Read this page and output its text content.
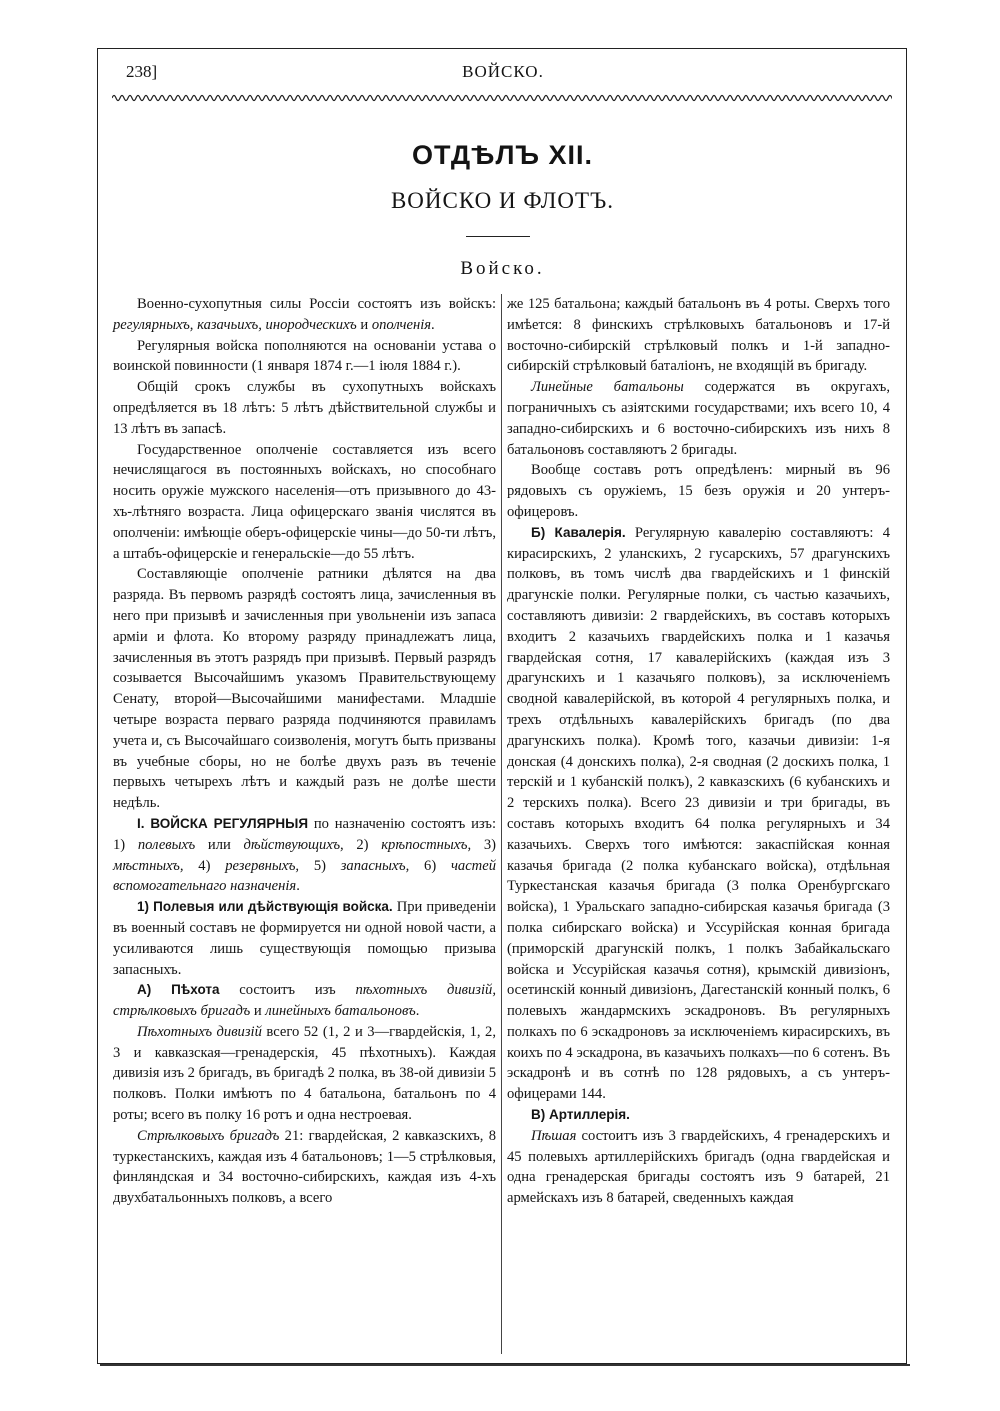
238]	ВОЙСКО.
ОТДѢЛЪ XII.
ВОЙСКО И ФЛОТЪ.
Войско.

Военно-сухопутныя силы Россіи состоятъ изъ войскъ: регулярныхъ, казачьихъ, инородческихъ и ополченія.

Регулярныя войска пополняются на основаніи устава о воинской повинности (1 января 1874 г.—1 іюля 1884 г.).

Общій срокъ службы въ сухопутныхъ войскахъ опредѣляется въ 18 лѣтъ: 5 лѣтъ дѣйствительной службы и 13 лѣтъ въ запасѣ.

Государственное ополченіе составляется изъ всего нечислящагося въ постоянныхъ войскахъ, но способнаго носить оружіе мужского населенія—отъ призывного до 43-хъ-лѣтняго возраста. Лица офицерскаго званія числятся въ ополченіи: имѣющіе оберъ-офицерскіе чины—до 50-ти лѣтъ, а штабъ-офицерскіе и генеральскіе—до 55 лѣтъ.

Составляющіе ополченіе ратники дѣлятся на два разряда. Въ первомъ разрядѣ состоятъ лица, зачисленныя въ него при призывѣ и зачисленныя при увольненіи изъ запаса арміи и флота. Ко второму разряду принадлежатъ лица, зачисленныя въ этотъ разрядъ при призывѣ. Первый разрядъ созывается Высочайшимъ указомъ Правительствующему Сенату, второй—Высочайшими манифестами. Младшіе четыре возраста перваго разряда подчиняются правиламъ учета и, съ Высочайшаго соизволенія, могутъ быть призваны въ учебные сборы, но не болѣе двухъ разъ въ теченіе первыхъ четырехъ лѣтъ и каждый разъ не долѣе шести недѣль.

I. ВОЙСКА РЕГУЛЯРНЫЯ по назначенію состоятъ изъ: 1) полевыхъ или дѣйствующихъ, 2) крѣпостныхъ, 3) мѣстныхъ, 4) резервныхъ, 5) запасныхъ, 6) частей вспомогательнаго назначенія.

1) Полевыя или дѣйствующія войска. При приведеніи въ военный составъ не формируется ни одной новой части, а усиливаются лишь существующія помощью призыва запасныхъ.

А) Пѣхота состоитъ изъ пѣхотныхъ дивизій, стрѣлковыхъ бригадъ и линейныхъ батальоновъ.

Пѣхотныхъ дивизій всего 52 (1, 2 и 3—гвардейскія, 1, 2, 3 и кавказская—гренадерскія, 45 пѣхотныхъ). Каждая дивизія изъ 2 бригадъ, въ бригадѣ 2 полка, въ 38-ой дивизіи 5 полковъ. Полки имѣютъ по 4 батальона, батальонъ по 4 роты; всего въ полку 16 ротъ и одна нестроевая.

Стрѣлковыхъ бригадъ 21: гвардейская, 2 кавказскихъ, 8 туркестанскихъ, каждая изъ 4 батальоновъ; 1—5 стрѣлковыя, финляндская и 34 восточно-сибирскихъ, каждая изъ 4-хъ двухбатальонныхъ полковъ, а всего

же 125 батальона; каждый батальонъ въ 4 роты. Сверхъ того имѣется: 8 финскихъ стрѣлковыхъ батальоновъ и 17-й восточно-сибирскій стрѣлковый полкъ и 1-й западно-сибирскій стрѣлковый баталіонъ, не входящій въ бригаду.

Линейные батальоны содержатся въ округахъ, пограничныхъ съ азіятскими государствами; ихъ всего 10, 4 западно-сибирскихъ и 6 восточно-сибирскихъ изъ нихъ 8 батальоновъ составляютъ 2 бригады.

Вообще составъ ротъ опредѣленъ: мирный въ 96 рядовыхъ съ оружіемъ, 15 безъ оружія и 20 унтеръ-офицеровъ.

Б) Кавалерія. Регулярную кавалерію составляютъ: 4 кирасирскихъ, 2 уланскихъ, 2 гусарскихъ, 57 драгунскихъ полковъ, въ томъ числѣ два гвардейскихъ и 1 финскій драгунскіе полки. Регулярные полки, съ частью казачьихъ, составляютъ дивизіи: 2 гвардейскихъ, въ составъ которыхъ входитъ 2 казачьихъ гвардейскихъ полка и 1 казачья гвардейская сотня, 17 кавалерійскихъ (каждая изъ 3 драгунскихъ и 1 казачьяго полковъ), за исключеніемъ сводной кавалерійской, въ которой 4 регулярныхъ полка, и трехъ отдѣльныхъ кавалерійскихъ бригадъ (по два драгунскихъ полка). Кромѣ того, казачьи дивизіи: 1-я донская (4 донскихъ полка), 2-я сводная (2 доскихъ полка, 1 терскій и 1 кубанскій полкъ), 2 кавказскихъ (6 кубанскихъ и 2 терскихъ полка). Всего 23 дивизіи и три бригады, въ составъ которыхъ входитъ 64 полка регулярныхъ и 34 казачьихъ. Сверхъ того имѣются: закаспійская конная казачья бригада (2 полка кубанскаго войска), отдѣльная Туркестанская казачья бригада (3 полка Оренбургскаго войска), 1 Уральскаго западно-сибирская казачья бригада (3 полка сибирскаго войска) и Уссурійская конная бригада (приморскій драгунскій полкъ, 1 полкъ Забайкальскаго войска и Уссурійская казачья сотня), крымскій дивизіонъ, осетинскій конный дивизіонъ, Дагестанскій конный полкъ, 6 полевыхъ жандармскихъ эскадроновъ. Въ регулярныхъ полкахъ по 6 эскадроновъ за исключеніемъ кирасирскихъ, въ коихъ по 4 эскадрона, въ казачьихъ полкахъ—по 6 сотенъ. Въ эскадронѣ и въ сотнѣ по 128 рядовыхъ, а съ унтеръ-офицерами 144.

В) Артиллерія.

Пѣшая состоитъ изъ 3 гвардейскихъ, 4 гренадерскихъ и 45 полевыхъ артиллерійскихъ бригадъ (одна гвардейская и одна гренадерская бригады состоятъ изъ 9 батарей, 21 армейскахъ изъ 8 батарей, сведенныхъ каждая
